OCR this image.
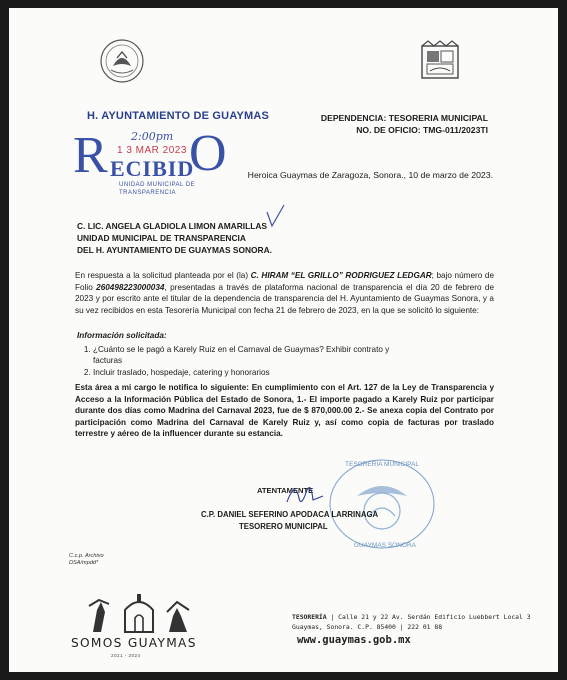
H. AYUNTAMIENTO DE GUAYMAS	DEPENDENCIA: TESORERIA MUNICIPAL
NO. DE OFICIO: TMG-011/2023TI
R 2:00pm
1 3 MAR 2023
ECIBID
O
UNIDAD MUNICIPAL DE
TRANSPARENCIA
Heroica Guaymas de Zaragoza, Sonora., 10 de marzo de 2023.
C. LIC. ANGELA GLADIOLA LIMON AMARILLAS
UNIDAD MUNICIPAL DE TRANSPARENCIA
DEL H. AYUNTAMIENTO DE GUAYMAS SONORA.
En respuesta a la solicitud planteada por el (la) C. HIRAM “EL GRILLO” RODRIGUEZ LEDGAR; bajo número de Folio 260498223000034, presentadas a través de plataforma nacional de transparencia el día 20 de febrero de 2023 y por escrito ante el titular de la dependencia de transparencia del H. Ayuntamiento de Guaymas Sonora, y a su vez recibidos en esta Tesorería Municipal con fecha 21 de febrero de 2023, en la que se solicitó lo siguiente:
Información solicitada:
1. ¿Cuánto se le pagó a Karely Ruiz en el Carnaval de Guaymas? Exhibir contrato y facturas
2. Incluir traslado, hospedaje, catering y honorarios
Esta área a mi cargo le notifica lo siguiente: En cumplimiento con el Art. 127 de la Ley de Transparencia y Acceso a la Información Pública del Estado de Sonora, 1.- El importe pagado a Karely Ruiz por participar durante dos días como Madrina del Carnaval 2023, fue de $ 870,000.00 2.- Se anexa copia del Contrato por participación como Madrina del Carnaval de Karely Ruiz y, así como copia de facturas por traslado terrestre y aéreo de la influencer durante su estancia.
TESORERIA MUNICIPAL
GUAYMAS SONORA
ATENTAMENTE
C.P. DANIEL SEFERINO APODACA LARRINAGA
TESORERO MUNICIPAL
C.c.p. Archivo
DSA/mpdd*
SOMOS GUAYMAS
2021 - 2024
TESORERÍA | Calle 21 y 22 Av. Serdán Edificio Luebbert Local 3
Guaymas, Sonora. C.P. 85400 | 222 01 88
www.guaymas.gob.mx
